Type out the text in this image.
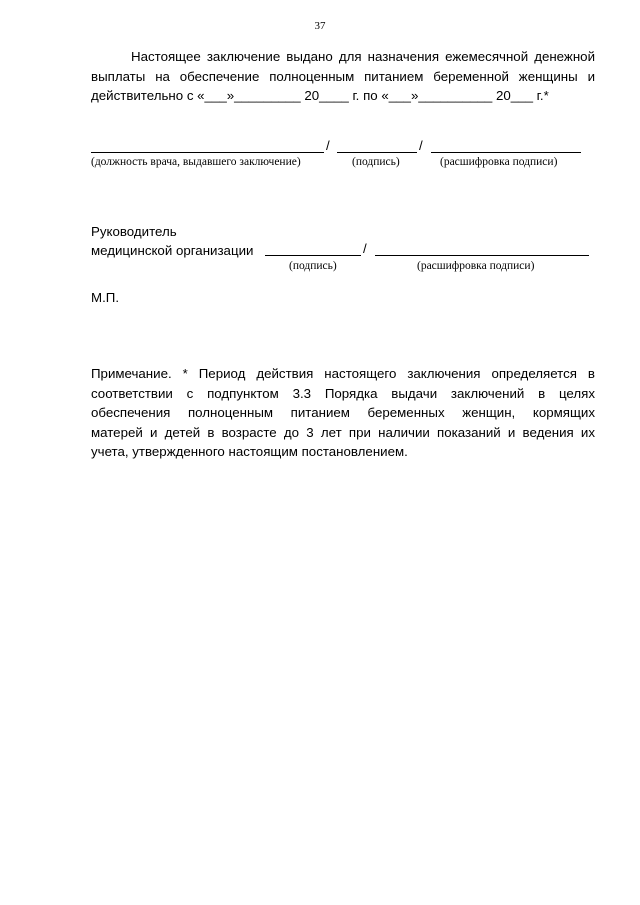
37
Настоящее заключение выдано для назначения ежемесячной денежной
выплаты на обеспечение полноценным питанием беременной женщины и
действительно с «___»_________ 20____ г. по «___»__________ 20___ г.*
/	/
(должность врача, выдавшего заключение)	(подпись)	(расшифровка подписи)
Руководитель
медицинской организации	/
(подпись)	(расшифровка подписи)
М.П.
Примечание. * Период действия настоящего заключения определяется в
соответствии с подпунктом 3.3 Порядка выдачи заключений в целях
обеспечения полноценным питанием беременных женщин, кормящих
матерей и детей в возрасте до 3 лет при наличии показаний и ведения их
учета, утвержденного настоящим постановлением.
